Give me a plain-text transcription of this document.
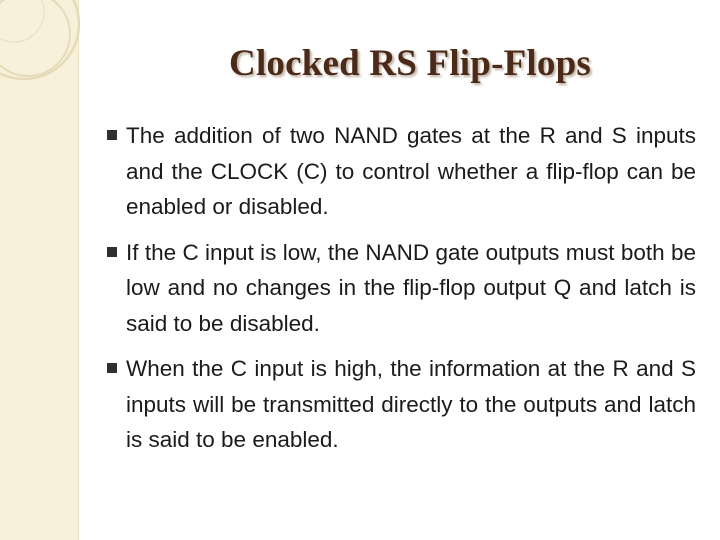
Clocked RS Flip-Flops
The addition of two NAND gates at the R and S inputs and the CLOCK (C) to control whether a flip-flop can be enabled or disabled.
If the C input is low, the NAND gate outputs must both be low and no changes in the flip-flop output Q and latch is said to be disabled.
When the C input is high, the information at the R and S inputs will be transmitted directly to the outputs and latch is said to be enabled.
